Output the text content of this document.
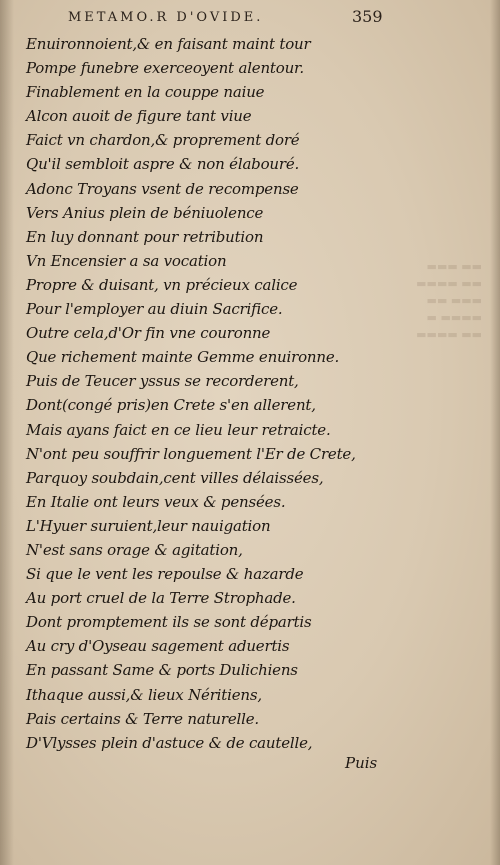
▬▬ ▬▬▬
▬▬ ▬▬▬▬
▬▬▬ ▬▬
▬▬▬▬ ▬
▬▬ ▬▬▬▬
METAMO.R D'OVIDE.	359
Enuironnoient,& en faisant maint tour
Pompe funebre exerceoyent alentour.
Finablement en la couppe naiue
Alcon auoit de figure tant viue
Faict vn chardon,& proprement doré
Qu'il sembloit aspre & non élabouré.
Adonc Troyans vsent de recompense
Vers Anius plein de béniuolence
En luy donnant pour retribution
Vn Encensier a sa vocation
Propre & duisant, vn précieux calice
Pour l'employer au diuin Sacrifice.
Outre cela,d'Or fin vne couronne
Que richement mainte Gemme enuironne.
Puis de Teucer yssus se recorderent,
Dont(congé pris)en Crete s'en allerent,
Mais ayans faict en ce lieu leur retraicte.
N'ont peu souffrir longuement l'Er de Crete,
Parquoy soubdain,cent villes délaissées,
En Italie ont leurs veux & pensées.
L'Hyuer suruient,leur nauigation
N'est sans orage & agitation,
Si que le vent les repoulse & hazarde
Au port cruel de la Terre Strophade.
Dont promptement ils se sont départis
Au cry d'Oyseau sagement aduertis
En passant Same & ports Dulichiens
Ithaque aussi,& lieux Néritiens,
Pais certains & Terre naturelle.
D'Vlysses plein d'astuce & de cautelle,
Puis
